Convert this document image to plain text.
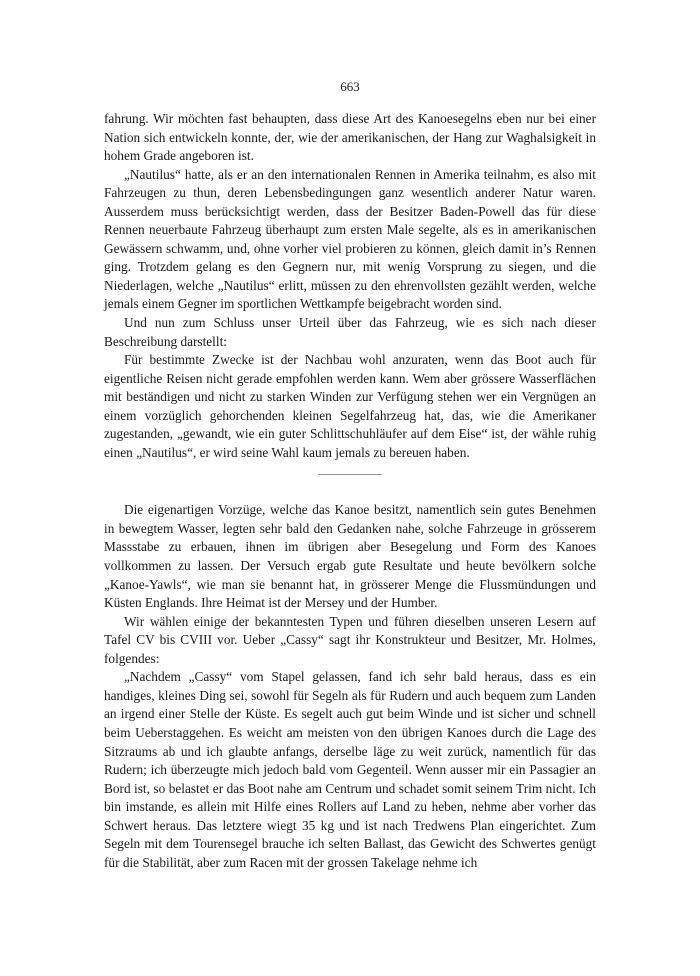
663

fahrung. Wir möchten fast behaupten, dass diese Art des Kanoesegelns eben nur bei einer Nation sich entwickeln konnte, der, wie der amerikanischen, der Hang zur Waghalsigkeit in hohem Grade angeboren ist.

„Nautilus“ hatte, als er an den internationalen Rennen in Amerika teilnahm, es also mit Fahrzeugen zu thun, deren Lebensbedingungen ganz wesentlich anderer Natur waren. Ausserdem muss berücksichtigt werden, dass der Besitzer Baden-Powell das für diese Rennen neuerbaute Fahrzeug überhaupt zum ersten Male segelte, als es in amerikanischen Gewässern schwamm, und, ohne vorher viel probieren zu können, gleich damit in’s Rennen ging. Trotzdem gelang es den Gegnern nur, mit wenig Vorsprung zu siegen, und die Niederlagen, welche „Nautilus“ erlitt, müssen zu den ehrenvollsten gezählt werden, welche jemals einem Gegner im sportlichen Wettkampfe beigebracht worden sind.

Und nun zum Schluss unser Urteil über das Fahrzeug, wie es sich nach dieser Beschreibung darstellt:

Für bestimmte Zwecke ist der Nachbau wohl anzuraten, wenn das Boot auch für eigentliche Reisen nicht gerade empfohlen werden kann. Wem aber grössere Wasserflächen mit beständigen und nicht zu starken Winden zur Verfügung stehen wer ein Vergnügen an einem vorzüglich gehorchenden kleinen Segelfahrzeug hat, das, wie die Amerikaner zugestanden, „gewandt, wie ein guter Schlittschuhläufer auf dem Eise“ ist, der wähle ruhig einen „Nautilus“, er wird seine Wahl kaum jemals zu bereuen haben.

Die eigenartigen Vorzüge, welche das Kanoe besitzt, namentlich sein gutes Benehmen in bewegtem Wasser, legten sehr bald den Gedanken nahe, solche Fahrzeuge in grösserem Massstabe zu erbauen, ihnen im übrigen aber Besegelung und Form des Kanoes vollkommen zu lassen. Der Versuch ergab gute Resultate und heute bevölkern solche „Kanoe-Yawls“, wie man sie benannt hat, in grösserer Menge die Flussmündungen und Küsten Englands. Ihre Heimat ist der Mersey und der Humber.

Wir wählen einige der bekanntesten Typen und führen dieselben unseren Lesern auf Tafel CV bis CVIII vor. Ueber „Cassy“ sagt ihr Konstrukteur und Besitzer, Mr. Holmes, folgendes:

„Nachdem „Cassy“ vom Stapel gelassen, fand ich sehr bald heraus, dass es ein handiges, kleines Ding sei, sowohl für Segeln als für Rudern und auch bequem zum Landen an irgend einer Stelle der Küste. Es segelt auch gut beim Winde und ist sicher und schnell beim Ueberstaggehen. Es weicht am meisten von den übrigen Kanoes durch die Lage des Sitzraums ab und ich glaubte anfangs, derselbe läge zu weit zurück, namentlich für das Rudern; ich überzeugte mich jedoch bald vom Gegenteil. Wenn ausser mir ein Passagier an Bord ist, so belastet er das Boot nahe am Centrum und schadet somit seinem Trim nicht. Ich bin imstande, es allein mit Hilfe eines Rollers auf Land zu heben, nehme aber vorher das Schwert heraus. Das letztere wiegt 35 kg und ist nach Tredwens Plan eingerichtet. Zum Segeln mit dem Tourensegel brauche ich selten Ballast, das Gewicht des Schwertes genügt für die Stabilität, aber zum Racen mit der grossen Takelage nehme ich
